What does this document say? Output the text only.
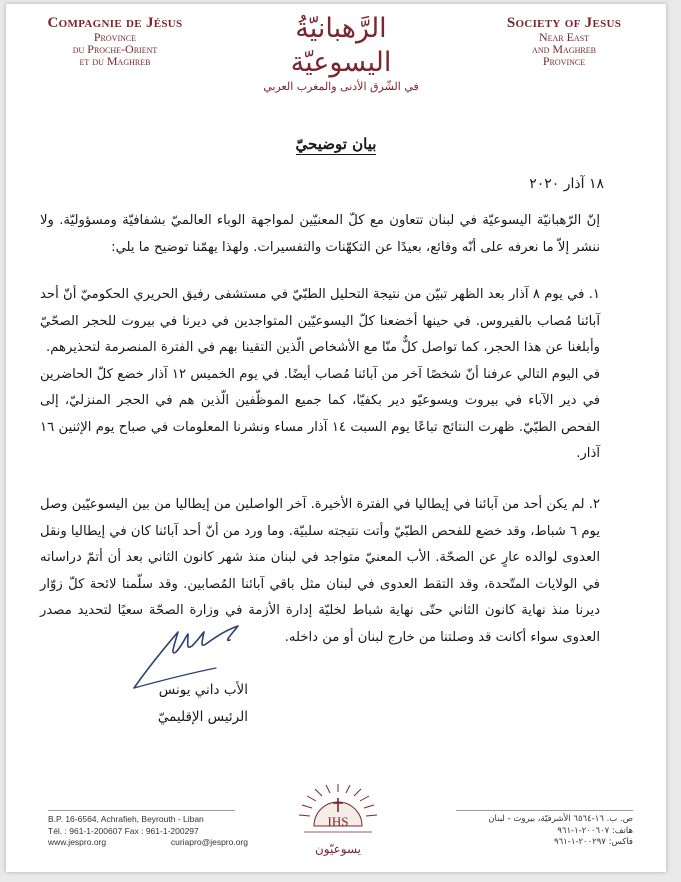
Compagnie de Jésus
Province
du Proche-Orient
et du Maghreb
الرَّهبانيّةُ اليسوعيّة
في الشّرق الأدنى والمغرب العربي
Society of Jesus
Near East
and Maghreb
Province
بيان توضيحيّ
١٨ آذار ٢٠٢٠

إنّ الرّهبانيّة اليسوعيّة في لبنان تتعاون مع كلّ المعنيّين لمواجهة الوباء العالميّ بشفافيّة ومسؤوليّة. ولا ننشر إلاّ ما نعرفه على أنّه وقائع، بعيدًا عن التكهّنات والتفسيرات. ولهذا يهمّنا توضيح ما يلي:

١. في يوم ٨ آذار بعد الظهر تبيّن من نتيجة التحليل الطبّيّ في مستشفى رفيق الحريري الحكوميّ أنّ أحد آبائنا مُصاب بالفيروس. في حينها أخضعنا كلّ اليسوعيّين المتواجدين في ديرنا في بيروت للحجر الصحّيّ وأبلغنا عن هذا الحجر، كما تواصل كلٌّ منّا مع الأشخاص الّذين التقينا بهم في الفترة المنصرمة لتحذيرهم.

في اليوم التالي عرفنا أنّ شخصًا آخر من آبائنا مُصاب أيضًا. في يوم الخميس ١٢ آذار خضع كلّ الحاضرين في دير الآباء في بيروت ويسوعيّو دير بكفيّا، كما جميع الموظّفين الّذين هم في الحجر المنزليّ، إلى الفحص الطبّيّ. ظهرت النتائج تباعًا يوم السبت ١٤ آذار مساء ونشرنا المعلومات في صباح يوم الإثنين ١٦ آذار.

٢. لم يكن أحد من آبائنا في إيطاليا في الفترة الأخيرة. آخر الواصلين من إيطاليا من بين اليسوعيّين وصل يوم ٦ شباط، وقد خضع للفحص الطبّيّ وأتت نتيجته سلبيّة. وما ورد من أنّ أحد آبائنا كان في إيطاليا ونقل العدوى لوالده عارٍ عن الصحّة. الأب المعنيّ متواجد في لبنان منذ شهر كانون الثاني بعد أن أتمّ دراساته في الولايات المتّحدة، وقد التقط العدوى في لبنان مثل باقي آبائنا المُصابين. وقد سلّمنا لائحة كلّ زوّار ديرنا منذ نهاية كانون الثاني حتّى نهاية شباط لخليّة إدارة الأزمة في وزارة الصحّة سعيًا لتحديد مصدر العدوى سواء أكانت قد وصلتنا من خارج لبنان أو من داخله.

الأب داني يونس
الرئيس الإقليميّ
B.P. 16-6564, Achrafieh, Beyrouth - Liban
Tél. : 961-1-200607 Fax : 961-1-200297
www.jespro.org	curiapro@jespro.org
IHS
يسوعيّون
ص. ب. ١٦-٦٥٦٤ الأشرفيّة، بيروت - لبنان
هاتف: ٢٠٠٦٠٧-١-٩٦١
فاكس: ٢٠٠٢٩٧-١-٩٦١
